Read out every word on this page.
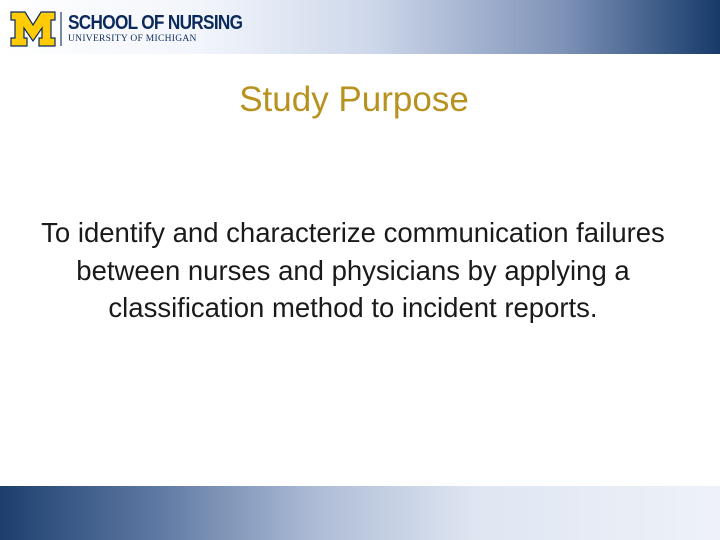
SCHOOL OF NURSING
UNIVERSITY OF MICHIGAN
Study Purpose
To identify and characterize communication failures between nurses and physicians by applying a classification method to incident reports.
